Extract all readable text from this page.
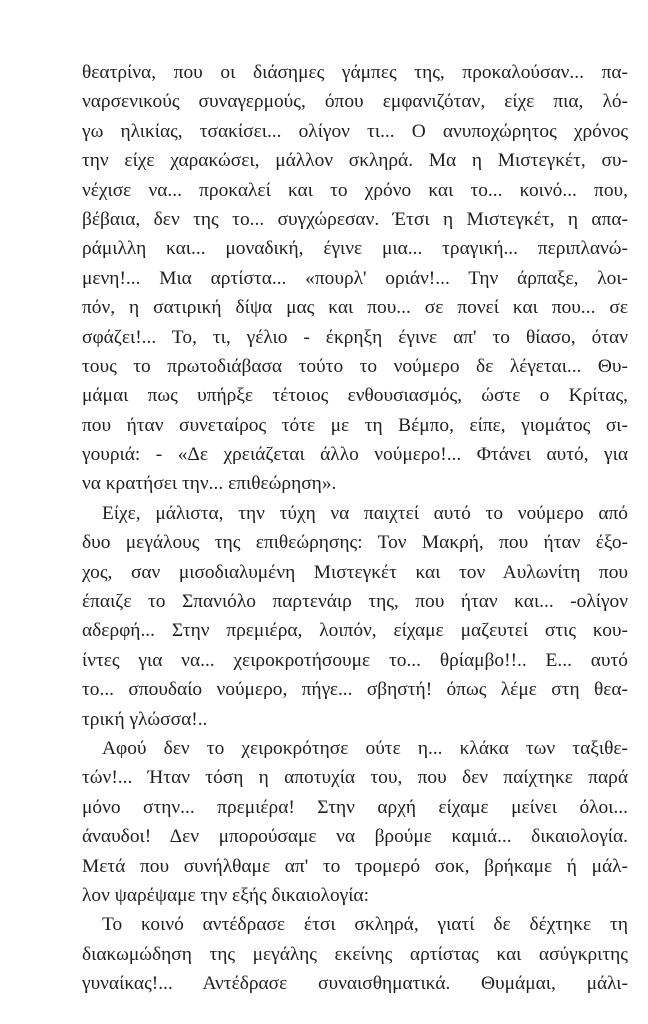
θεατρίνα, που οι διάσημες γάμπες της, προκαλούσαν... πα-
ναρσενικούς συναγερμούς, όπου εμφανιζόταν, είχε πια, λό-
γω ηλικίας, τσακίσει... ολίγον τι... Ο ανυποχώρητος χρόνος
την είχε χαρακώσει, μάλλον σκληρά. Μα η Μιστεγκέτ, συ-
νέχισε να... προκαλεί και το χρόνο και το... κοινό... που,
βέβαια, δεν της το... συγχώρεσαν. Έτσι η Μιστεγκέτ, η απα-
ράμιλλη και... μοναδική, έγινε μια... τραγική... περιπλανώ-
μενη!... Μια αρτίστα... «πουρλ' οριάν!... Την άρπαξε, λοι-
πόν, η σατιρική δίψα μας και που... σε πονεί και που... σε
σφάζει!... Το, τι, γέλιο - έκρηξη έγινε απ' το θίασο, όταν
τους το πρωτοδιάβασα τούτο το νούμερο δε λέγεται... Θυ-
μάμαι πως υπήρξε τέτοιος ενθουσιασμός, ώστε ο Κρίτας,
που ήταν συνεταίρος τότε με τη Βέμπο, είπε, γιομάτος σι-
γουριά: - «Δε χρειάζεται άλλο νούμερο!... Φτάνει αυτό, για
να κρατήσει την... επιθεώρηση».
Είχε, μάλιστα, την τύχη να παιχτεί αυτό το νούμερο από
δυο μεγάλους της επιθεώρησης: Τον Μακρή, που ήταν έξο-
χος, σαν μισοδιαλυμένη Μιστεγκέτ και τον Αυλωνίτη που
έπαιζε το Σπανιόλο παρτενάιρ της, που ήταν και... -ολίγον
αδερφή... Στην πρεμιέρα, λοιπόν, είχαμε μαζευτεί στις κου-
ίντες για να... χειροκροτήσουμε το... θρίαμβο!!.. Ε... αυτό
το... σπουδαίο νούμερο, πήγε... σβηστή! όπως λέμε στη θεα-
τρική γλώσσα!..
Αφού δεν το χειροκρότησε ούτε η... κλάκα των ταξιθε-
τών!... Ήταν τόση η αποτυχία του, που δεν παίχτηκε παρά
μόνο στην... πρεμιέρα! Στην αρχή είχαμε μείνει όλοι...
άναυδοι! Δεν μπορούσαμε να βρούμε καμιά... δικαιολογία.
Μετά που συνήλθαμε απ' το τρομερό σοκ, βρήκαμε ή μάλ-
λον ψαρέψαμε την εξής δικαιολογία:
Το κοινό αντέδρασε έτσι σκληρά, γιατί δε δέχτηκε τη
διακωμώδηση της μεγάλης εκείνης αρτίστας και ασύγκριτης
γυναίκας!... Αντέδρασε συναισθηματικά. Θυμάμαι, μάλι-
